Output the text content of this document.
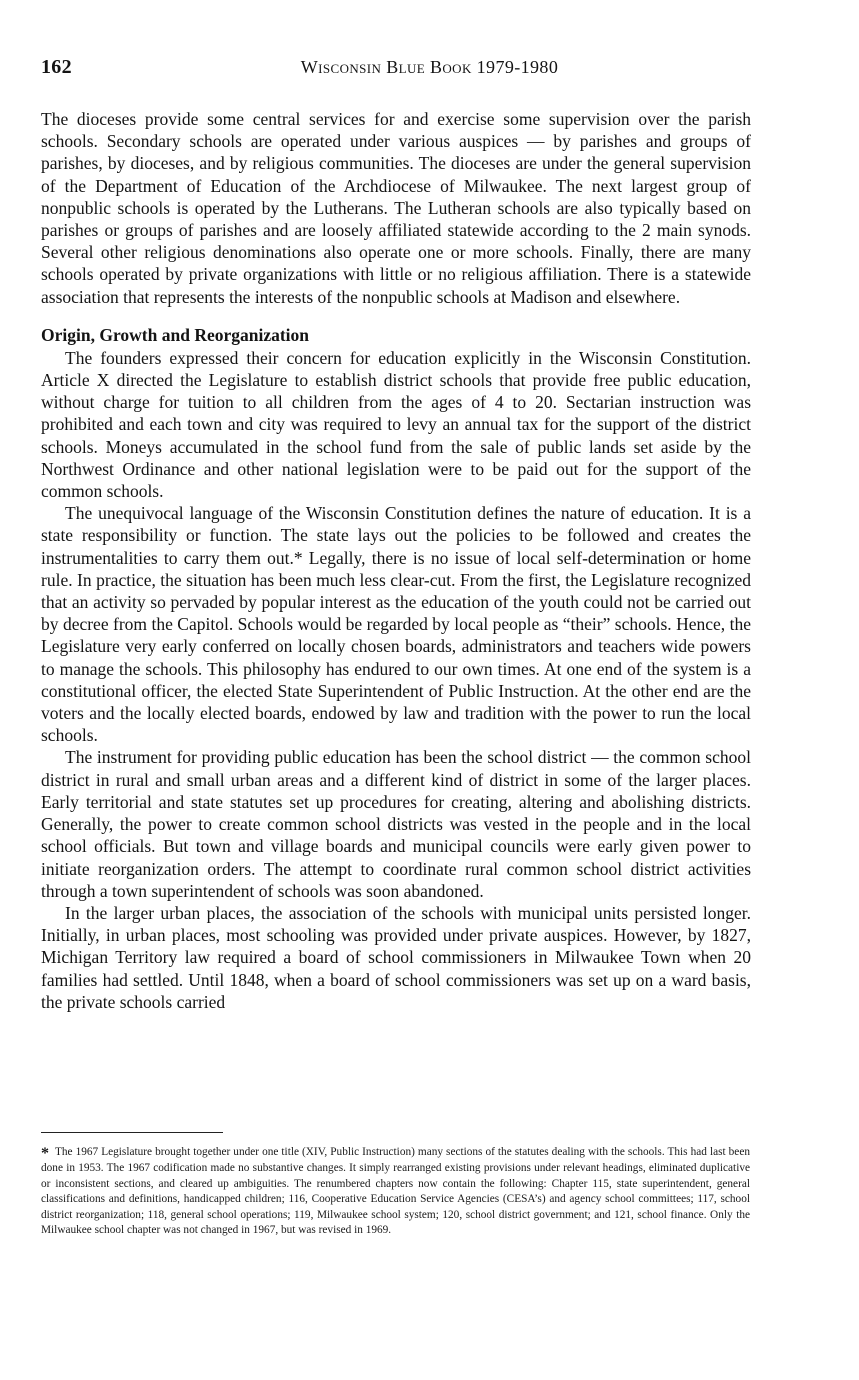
162	Wisconsin Blue Book 1979-1980

The dioceses provide some central services for and exercise some supervision over the parish schools. Secondary schools are operated under various auspices — by parishes and groups of parishes, by dioceses, and by religious communities. The dioceses are under the general supervision of the Department of Education of the Archdiocese of Milwaukee. The next largest group of nonpublic schools is operated by the Lutherans. The Lutheran schools are also typically based on parishes or groups of parishes and are loosely affiliated statewide according to the 2 main synods. Several other religious denominations also operate one or more schools. Finally, there are many schools operated by private organizations with little or no religious affiliation. There is a statewide association that represents the interests of the nonpublic schools at Madison and elsewhere.

Origin, Growth and Reorganization

The founders expressed their concern for education explicitly in the Wisconsin Constitution. Article X directed the Legislature to establish district schools that provide free public education, without charge for tuition to all children from the ages of 4 to 20. Sectarian instruction was prohibited and each town and city was required to levy an annual tax for the support of the district schools. Moneys accumulated in the school fund from the sale of public lands set aside by the Northwest Ordinance and other national legislation were to be paid out for the support of the common schools.

The unequivocal language of the Wisconsin Constitution defines the nature of education. It is a state responsibility or function. The state lays out the policies to be followed and creates the instrumentalities to carry them out.* Legally, there is no issue of local self-determination or home rule. In practice, the situation has been much less clear-cut. From the first, the Legislature recognized that an activity so pervaded by popular interest as the education of the youth could not be carried out by decree from the Capitol. Schools would be regarded by local people as “their” schools. Hence, the Legislature very early conferred on locally chosen boards, administrators and teachers wide powers to manage the schools. This philosophy has endured to our own times. At one end of the system is a constitutional officer, the elected State Superintendent of Public Instruction. At the other end are the voters and the locally elected boards, endowed by law and tradition with the power to run the local schools.

The instrument for providing public education has been the school district — the common school district in rural and small urban areas and a different kind of district in some of the larger places. Early territorial and state statutes set up procedures for creating, altering and abolishing districts. Generally, the power to create common school districts was vested in the people and in the local school officials. But town and village boards and municipal councils were early given power to initiate reorganization orders. The attempt to coordinate rural common school district activities through a town superintendent of schools was soon abandoned.

In the larger urban places, the association of the schools with municipal units persisted longer. Initially, in urban places, most schooling was provided under private auspices. However, by 1827, Michigan Territory law required a board of school commissioners in Milwaukee Town when 20 families had settled. Until 1848, when a board of school commissioners was set up on a ward basis, the private schools carried

* The 1967 Legislature brought together under one title (XIV, Public Instruction) many sections of the statutes dealing with the schools. This had last been done in 1953. The 1967 codification made no substantive changes. It simply rearranged existing provisions under relevant headings, eliminated duplicative or inconsistent sections, and cleared up ambiguities. The renumbered chapters now contain the following: Chapter 115, state superintendent, general classifications and definitions, handicapped children; 116, Cooperative Education Service Agencies (CESA’s) and agency school committees; 117, school district reorganization; 118, general school operations; 119, Milwaukee school system; 120, school district government; and 121, school finance. Only the Milwaukee school chapter was not changed in 1967, but was revised in 1969.
